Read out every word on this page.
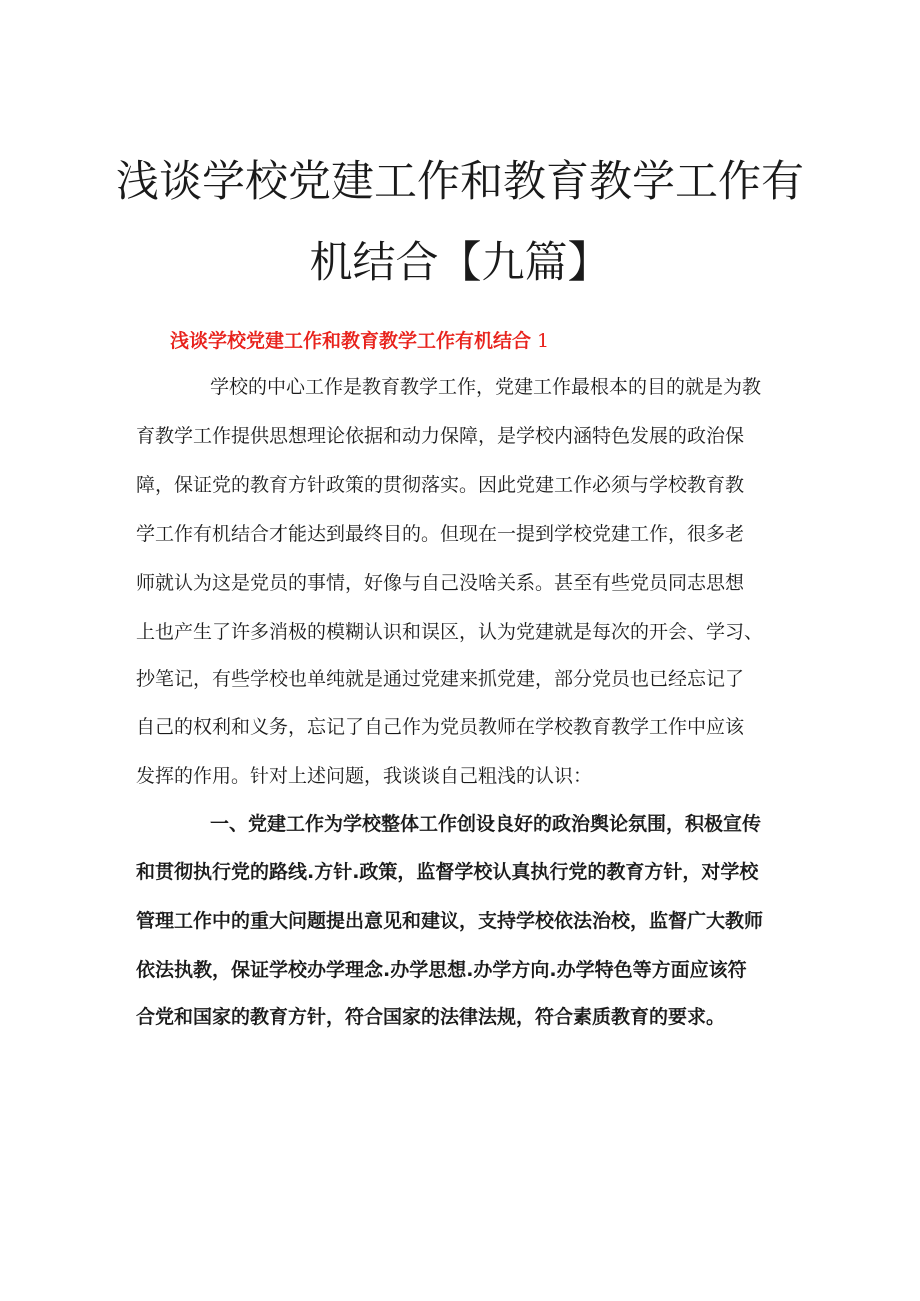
浅谈学校党建工作和教育教学工作有
机结合【九篇】
浅谈学校党建工作和教育教学工作有机结合 1
学校的中心工作是教育教学工作，党建工作最根本的目的就是为教
育教学工作提供思想理论依据和动力保障，是学校内涵特色发展的政治保
障，保证党的教育方针政策的贯彻落实。因此党建工作必须与学校教育教
学工作有机结合才能达到最终目的。但现在一提到学校党建工作，很多老
师就认为这是党员的事情，好像与自己没啥关系。甚至有些党员同志思想
上也产生了许多消极的模糊认识和误区，认为党建就是每次的开会、学习、
抄笔记，有些学校也单纯就是通过党建来抓党建，部分党员也已经忘记了
自己的权利和义务，忘记了自己作为党员教师在学校教育教学工作中应该
发挥的作用。针对上述问题，我谈谈自己粗浅的认识：
一、党建工作为学校整体工作创设良好的政治舆论氛围，积极宣传
和贯彻执行党的路线.方针.政策，监督学校认真执行党的教育方针，对学校
管理工作中的重大问题提出意见和建议，支持学校依法治校，监督广大教师
依法执教，保证学校办学理念.办学思想.办学方向.办学特色等方面应该符
合党和国家的教育方针，符合国家的法律法规，符合素质教育的要求。
